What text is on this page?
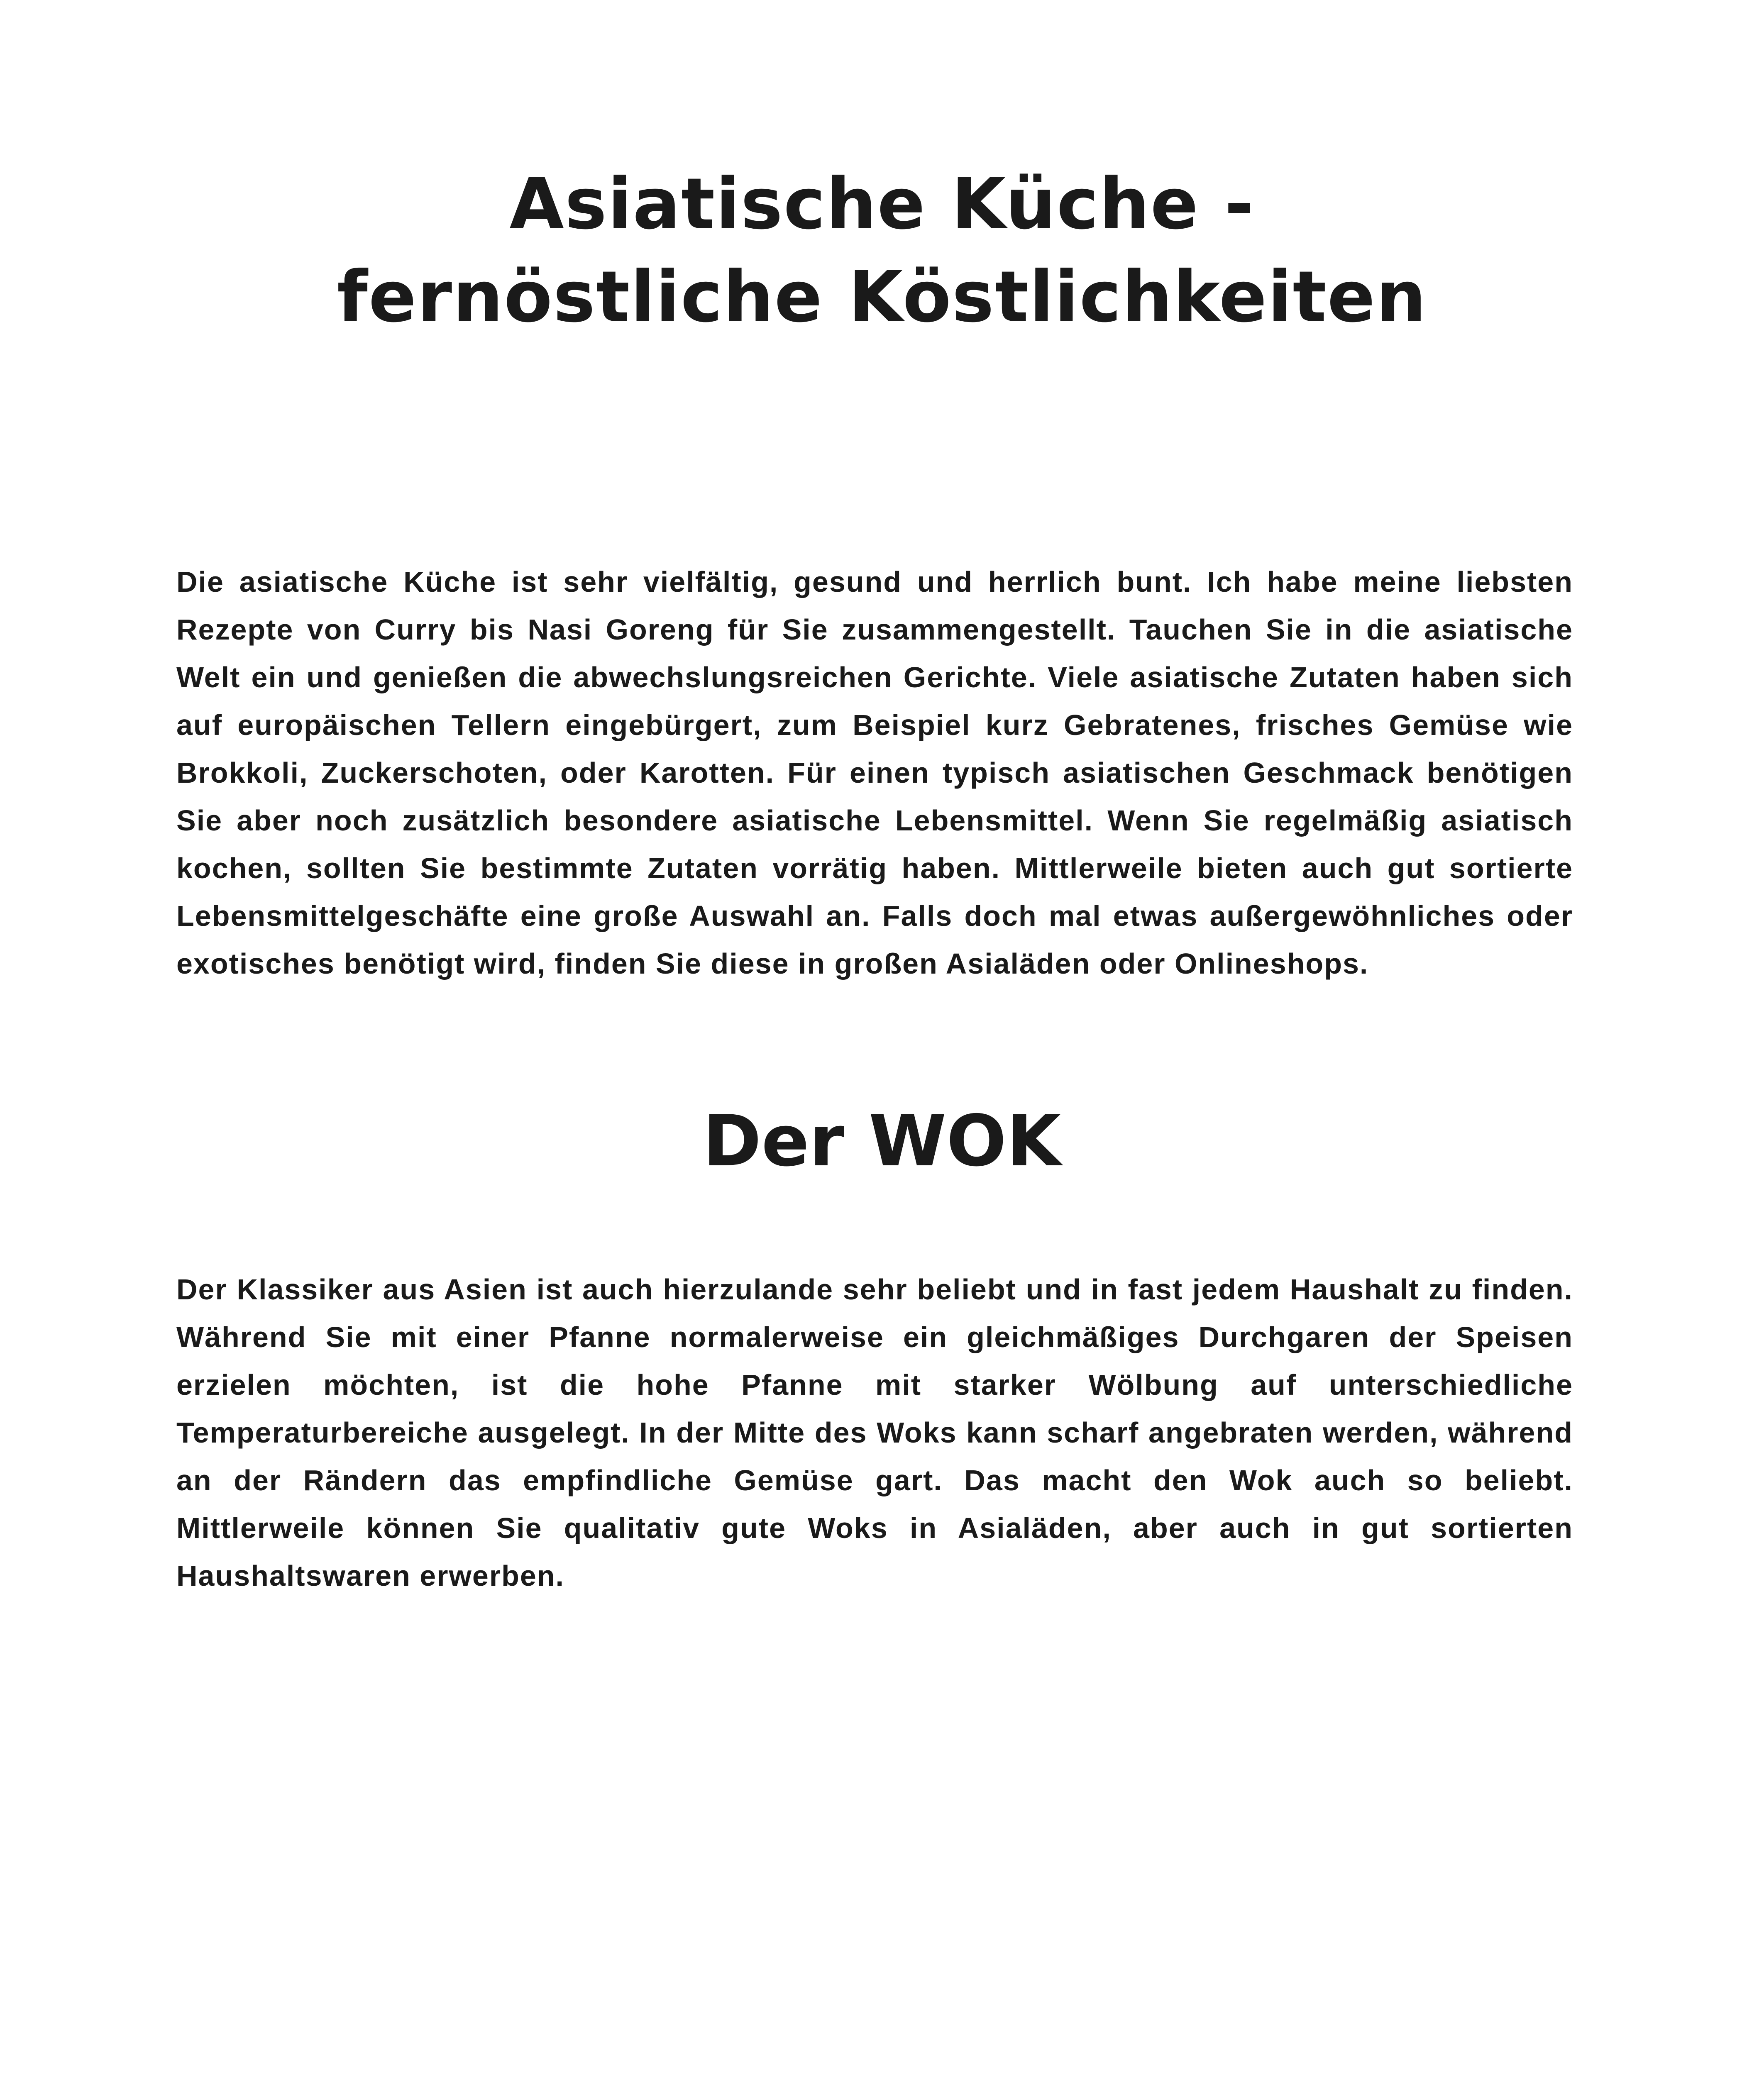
Asiatische Küche -
fernöstliche Köstlichkeiten

Die asiatische Küche ist sehr vielfältig, gesund und herrlich bunt. Ich habe meine liebsten Rezepte von Curry bis Nasi Goreng für Sie zusammengestellt. Tauchen Sie in die asiatische Welt ein und genießen die abwechslungsreichen Gerichte. Viele asiatische Zutaten haben sich auf europäischen Tellern eingebürgert, zum Beispiel kurz Gebratenes, frisches Gemüse wie Brokkoli, Zuckerschoten, oder Karotten. Für einen typisch asiatischen Geschmack benötigen Sie aber noch zusätzlich besondere asiatische Lebensmittel. Wenn Sie regelmäßig asiatisch kochen, sollten Sie bestimmte Zutaten vorrätig haben. Mittlerweile bieten auch gut sortierte Lebensmittelgeschäfte eine große Auswahl an. Falls doch mal etwas außergewöhnliches oder exotisches benötigt wird, finden Sie diese in großen Asialäden oder Onlineshops.

Der WOK

Der Klassiker aus Asien ist auch hierzulande sehr beliebt und in fast jedem Haushalt zu finden. Während Sie mit einer Pfanne normalerweise ein gleichmäßiges Durchgaren der Speisen erzielen möchten, ist die hohe Pfanne mit starker Wölbung auf unterschiedliche Temperaturbereiche ausgelegt. In der Mitte des Woks kann scharf angebraten werden, während an der Rändern das empfindliche Gemüse gart. Das macht den Wok auch so beliebt. Mittlerweile können Sie qualitativ gute Woks in Asialäden, aber auch in gut sortierten Haushaltswaren erwerben.
